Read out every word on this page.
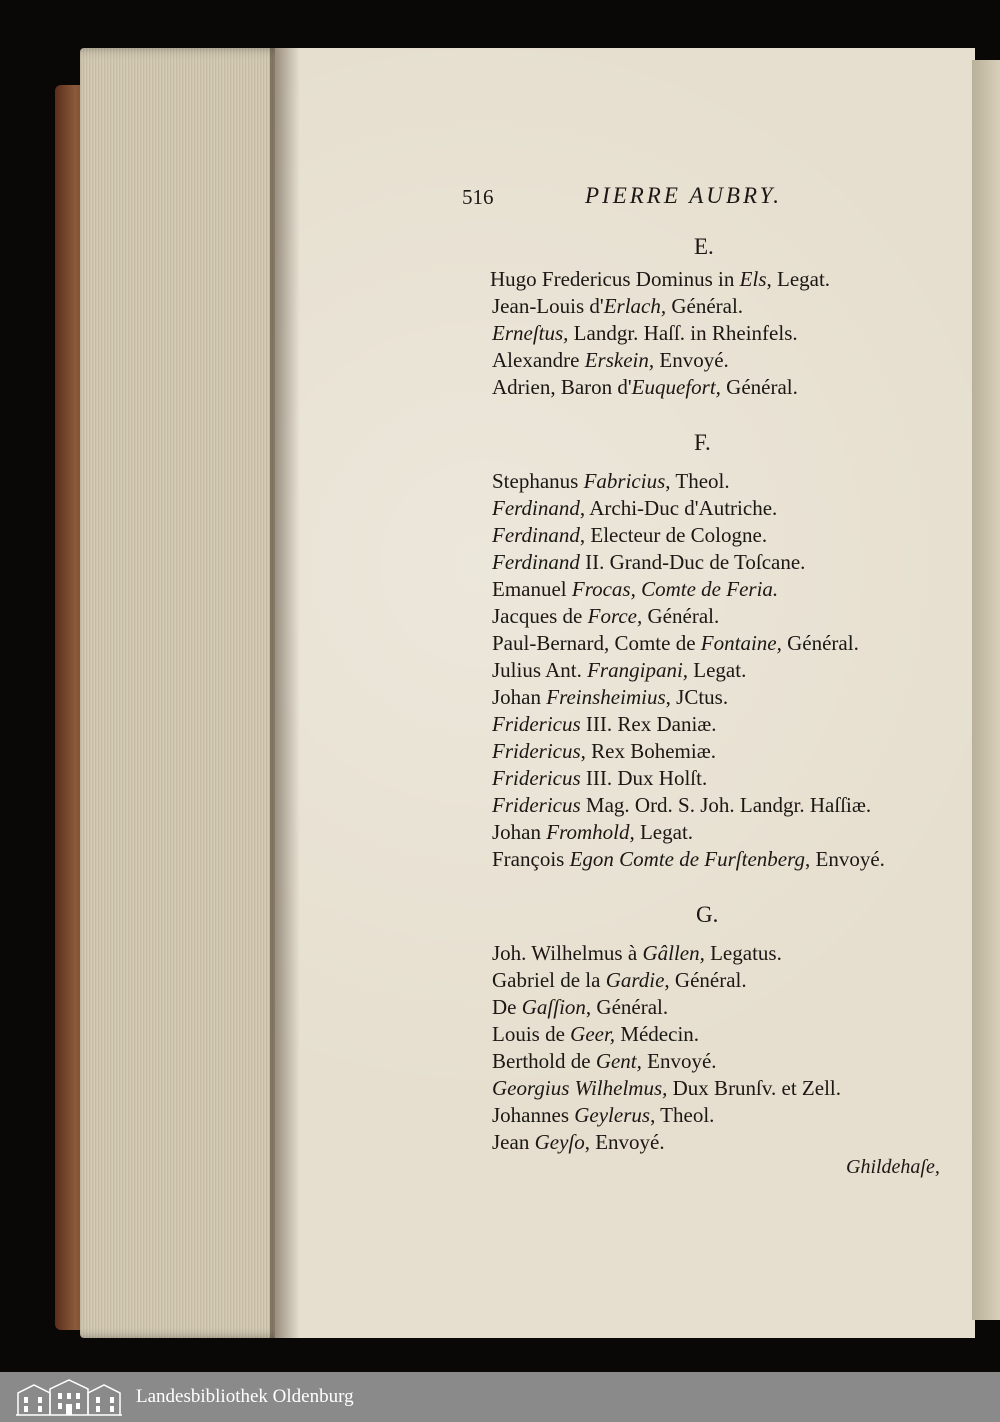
516	PIERRE AUBRY.
E.
Hugo Fredericus Dominus in Els, Legat.
Jean-Louis d'Erlach, Général.
Erneſtus, Landgr. Haſſ. in Rheinfels.
Alexandre Erskein, Envoyé.
Adrien, Baron d'Euquefort, Général.
F.
Stephanus Fabricius, Theol.
Ferdinand, Archi-Duc d'Autriche.
Ferdinand, Electeur de Cologne.
Ferdinand II. Grand-Duc de Toſcane.
Emanuel Frocas, Comte de Feria.
Jacques de Force, Général.
Paul-Bernard, Comte de Fontaine, Général.
Julius Ant. Frangipani, Legat.
Johan Freinsheimius, JCtus.
Fridericus III. Rex Daniæ.
Fridericus, Rex Bohemiæ.
Fridericus III. Dux Holſt.
Fridericus Mag. Ord. S. Joh. Landgr. Haſſiæ.
Johan Fromhold, Legat.
François Egon Comte de Furſtenberg, Envoyé.
G.
Joh. Wilhelmus à Gâllen, Legatus.
Gabriel de la Gardie, Général.
De Gaſſion, Général.
Louis de Geer, Médecin.
Berthold de Gent, Envoyé.
Georgius Wilhelmus, Dux Brunſv. et Zell.
Johannes Geylerus, Theol.
Jean Geyſo, Envoyé.
Ghildehaſe,
Landesbibliothek Oldenburg
